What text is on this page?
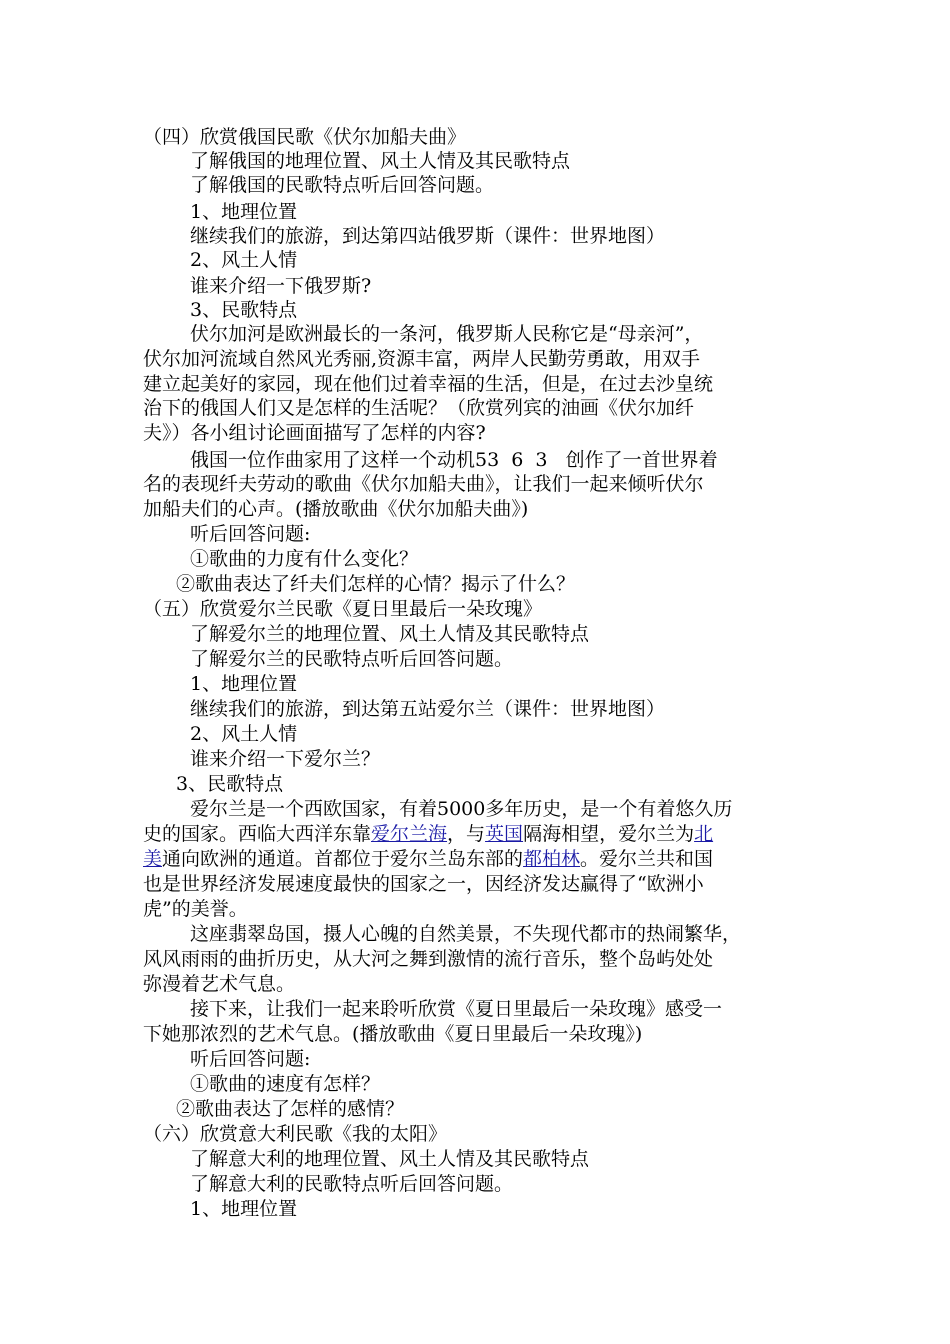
（四）欣赏俄国民歌《伏尔加船夫曲》
了解俄国的地理位置、风土人情及其民歌特点
了解俄国的民歌特点听后回答问题。
1、地理位置
继续我们的旅游，到达第四站俄罗斯（课件：世界地图）
2、风土人情
谁来介绍一下俄罗斯?
3、民歌特点
伏尔加河是欧洲最长的一条河，俄罗斯人民称它是“母亲河”，
伏尔加河流域自然风光秀丽,资源丰富，两岸人民勤劳勇敢，用双手
建立起美好的家园，现在他们过着幸福的生活，但是，在过去沙皇统
治下的俄国人们又是怎样的生活呢？（欣赏列宾的油画《伏尔加纤
夫》）各小组讨论画面描写了怎样的内容?
俄国一位作曲家用了这样一个动机53  6  3   创作了一首世界着
名的表现纤夫劳动的歌曲《伏尔加船夫曲》，让我们一起来倾听伏尔
加船夫们的心声。(播放歌曲《伏尔加船夫曲》)
听后回答问题:
①歌曲的力度有什么变化？
②歌曲表达了纤夫们怎样的心情？揭示了什么？
（五）欣赏爱尔兰民歌《夏日里最后一朵玫瑰》
了解爱尔兰的地理位置、风土人情及其民歌特点
了解爱尔兰的民歌特点听后回答问题。
1、地理位置
继续我们的旅游，到达第五站爱尔兰（课件：世界地图）
2、风土人情
谁来介绍一下爱尔兰？
3、民歌特点
爱尔兰是一个西欧国家，有着5000多年历史，是一个有着悠久历
史的国家。西临大西洋东靠爱尔兰海，与英国隔海相望，爱尔兰为北
美通向欧洲的通道。首都位于爱尔兰岛东部的都柏林。爱尔兰共和国
也是世界经济发展速度最快的国家之一，因经济发达赢得了“欧洲小
虎”的美誉。
这座翡翠岛国，摄人心魄的自然美景，不失现代都市的热闹繁华，
风风雨雨的曲折历史，从大河之舞到激情的流行音乐，整个岛屿处处
弥漫着艺术气息。
接下来，让我们一起来聆听欣赏《夏日里最后一朵玫瑰》感受一
下她那浓烈的艺术气息。(播放歌曲《夏日里最后一朵玫瑰》)
听后回答问题:
①歌曲的速度有怎样？
②歌曲表达了怎样的感情？
（六）欣赏意大利民歌《我的太阳》
了解意大利的地理位置、风土人情及其民歌特点
了解意大利的民歌特点听后回答问题。
1、地理位置
